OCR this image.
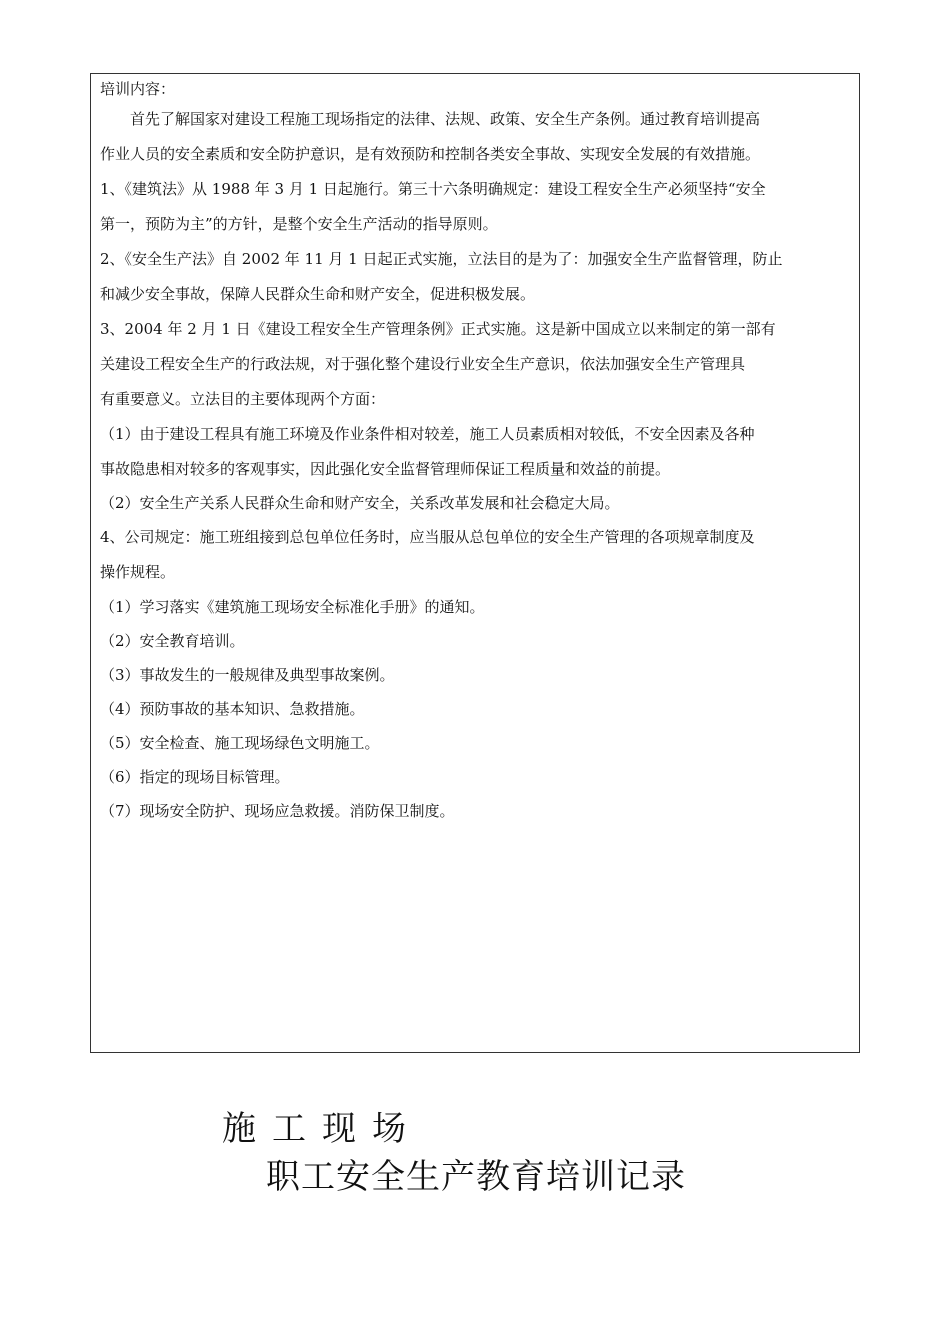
培训内容：
首先了解国家对建设工程施工现场指定的法律、法规、政策、安全生产条例。通过教育培训提高
作业人员的安全素质和安全防护意识，是有效预防和控制各类安全事故、实现安全发展的有效措施。
1、《建筑法》从 1988 年 3 月 1 日起施行。第三十六条明确规定：建设工程安全生产必须坚持“安全
第一，预防为主”的方针，是整个安全生产活动的指导原则。
2、《安全生产法》自 2002 年 11 月 1 日起正式实施，立法目的是为了：加强安全生产监督管理，防止
和减少安全事故，保障人民群众生命和财产安全，促进积极发展。
3、2004 年 2 月 1 日《建设工程安全生产管理条例》正式实施。这是新中国成立以来制定的第一部有
关建设工程安全生产的行政法规，对于强化整个建设行业安全生产意识，依法加强安全生产管理具
有重要意义。立法目的主要体现两个方面：
（1）由于建设工程具有施工环境及作业条件相对较差，施工人员素质相对较低，不安全因素及各种
事故隐患相对较多的客观事实，因此强化安全监督管理师保证工程质量和效益的前提。
（2）安全生产关系人民群众生命和财产安全，关系改革发展和社会稳定大局。
4、公司规定：施工班组接到总包单位任务时，应当服从总包单位的安全生产管理的各项规章制度及
操作规程。
（1）学习落实《建筑施工现场安全标准化手册》的通知。
（2）安全教育培训。
（3）事故发生的一般规律及典型事故案例。
（4）预防事故的基本知识、急救措施。
（5）安全检查、施工现场绿色文明施工。
（6）指定的现场目标管理。
（7）现场安全防护、现场应急救援。消防保卫制度。
施工现场
职工安全生产教育培训记录
